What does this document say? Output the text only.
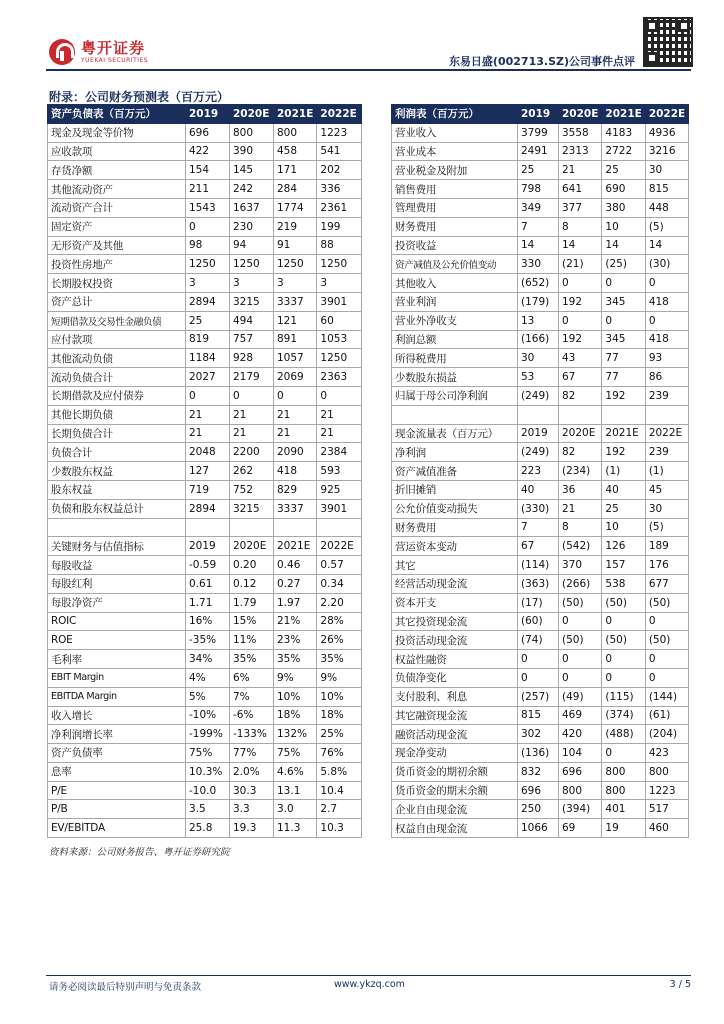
粤开证券
YUEKAI SECURITIES	东易日盛(002713.SZ)公司事件点评
附录：公司财务预测表（百万元）
资产负债表（百万元）	2019	2020E	2021E	2022E
现金及现金等价物	696	800	800	1223
应收款项	422	390	458	541
存货净额	154	145	171	202
其他流动资产	211	242	284	336
流动资产合计	1543	1637	1774	2361
固定资产	0	230	219	199
无形资产及其他	98	94	91	88
投资性房地产	1250	1250	1250	1250
长期股权投资	3	3	3	3
资产总计	2894	3215	3337	3901
短期借款及交易性金融负债	25	494	121	60
应付款项	819	757	891	1053
其他流动负债	1184	928	1057	1250
流动负债合计	2027	2179	2069	2363
长期借款及应付债券	0	0	0	0
其他长期负债	21	21	21	21
长期负债合计	21	21	21	21
负债合计	2048	2200	2090	2384
少数股东权益	127	262	418	593
股东权益	719	752	829	925
负债和股东权益总计	2894	3215	3337	3901

关键财务与估值指标	2019	2020E	2021E	2022E
每股收益	-0.59	0.20	0.46	0.57
每股红利	0.61	0.12	0.27	0.34
每股净资产	1.71	1.79	1.97	2.20
ROIC	16%	15%	21%	28%
ROE	-35%	11%	23%	26%
毛利率	34%	35%	35%	35%
EBIT Margin	4%	6%	9%	9%
EBITDA Margin	5%	7%	10%	10%
收入增长	-10%	-6%	18%	18%
净利润增长率	-199%	-133%	132%	25%
资产负债率	75%	77%	75%	76%
息率	10.3%	2.0%	4.6%	5.8%
P/E	-10.0	30.3	13.1	10.4
P/B	3.5	3.3	3.0	2.7
EV/EBITDA	25.8	19.3	11.3	10.3
利润表（百万元）	2019	2020E	2021E	2022E
营业收入	3799	3558	4183	4936
营业成本	2491	2313	2722	3216
营业税金及附加	25	21	25	30
销售费用	798	641	690	815
管理费用	349	377	380	448
财务费用	7	8	10	(5)
投资收益	14	14	14	14
资产减值及公允价值变动	330	(21)	(25)	(30)
其他收入	(652)	0	0	0
营业利润	(179)	192	345	418
营业外净收支	13	0	0	0
利润总额	(166)	192	345	418
所得税费用	30	43	77	93
少数股东损益	53	67	77	86
归属于母公司净利润	(249)	82	192	239

现金流量表（百万元）	2019	2020E	2021E	2022E
净利润	(249)	82	192	239
资产减值准备	223	(234)	(1)	(1)
折旧摊销	40	36	40	45
公允价值变动损失	(330)	21	25	30
财务费用	7	8	10	(5)
营运资本变动	67	(542)	126	189
其它	(114)	370	157	176
经营活动现金流	(363)	(266)	538	677
资本开支	(17)	(50)	(50)	(50)
其它投资现金流	(60)	0	0	0
投资活动现金流	(74)	(50)	(50)	(50)
权益性融资	0	0	0	0
负债净变化	0	0	0	0
支付股利、利息	(257)	(49)	(115)	(144)
其它融资现金流	815	469	(374)	(61)
融资活动现金流	302	420	(488)	(204)
现金净变动	(136)	104	0	423
货币资金的期初余额	832	696	800	800
货币资金的期末余额	696	800	800	1223
企业自由现金流	250	(394)	401	517
权益自由现金流	1066	69	19	460
资料来源：公司财务报告、粤开证券研究院
请务必阅读最后特别声明与免责条款	www.ykzq.com	3 / 5
